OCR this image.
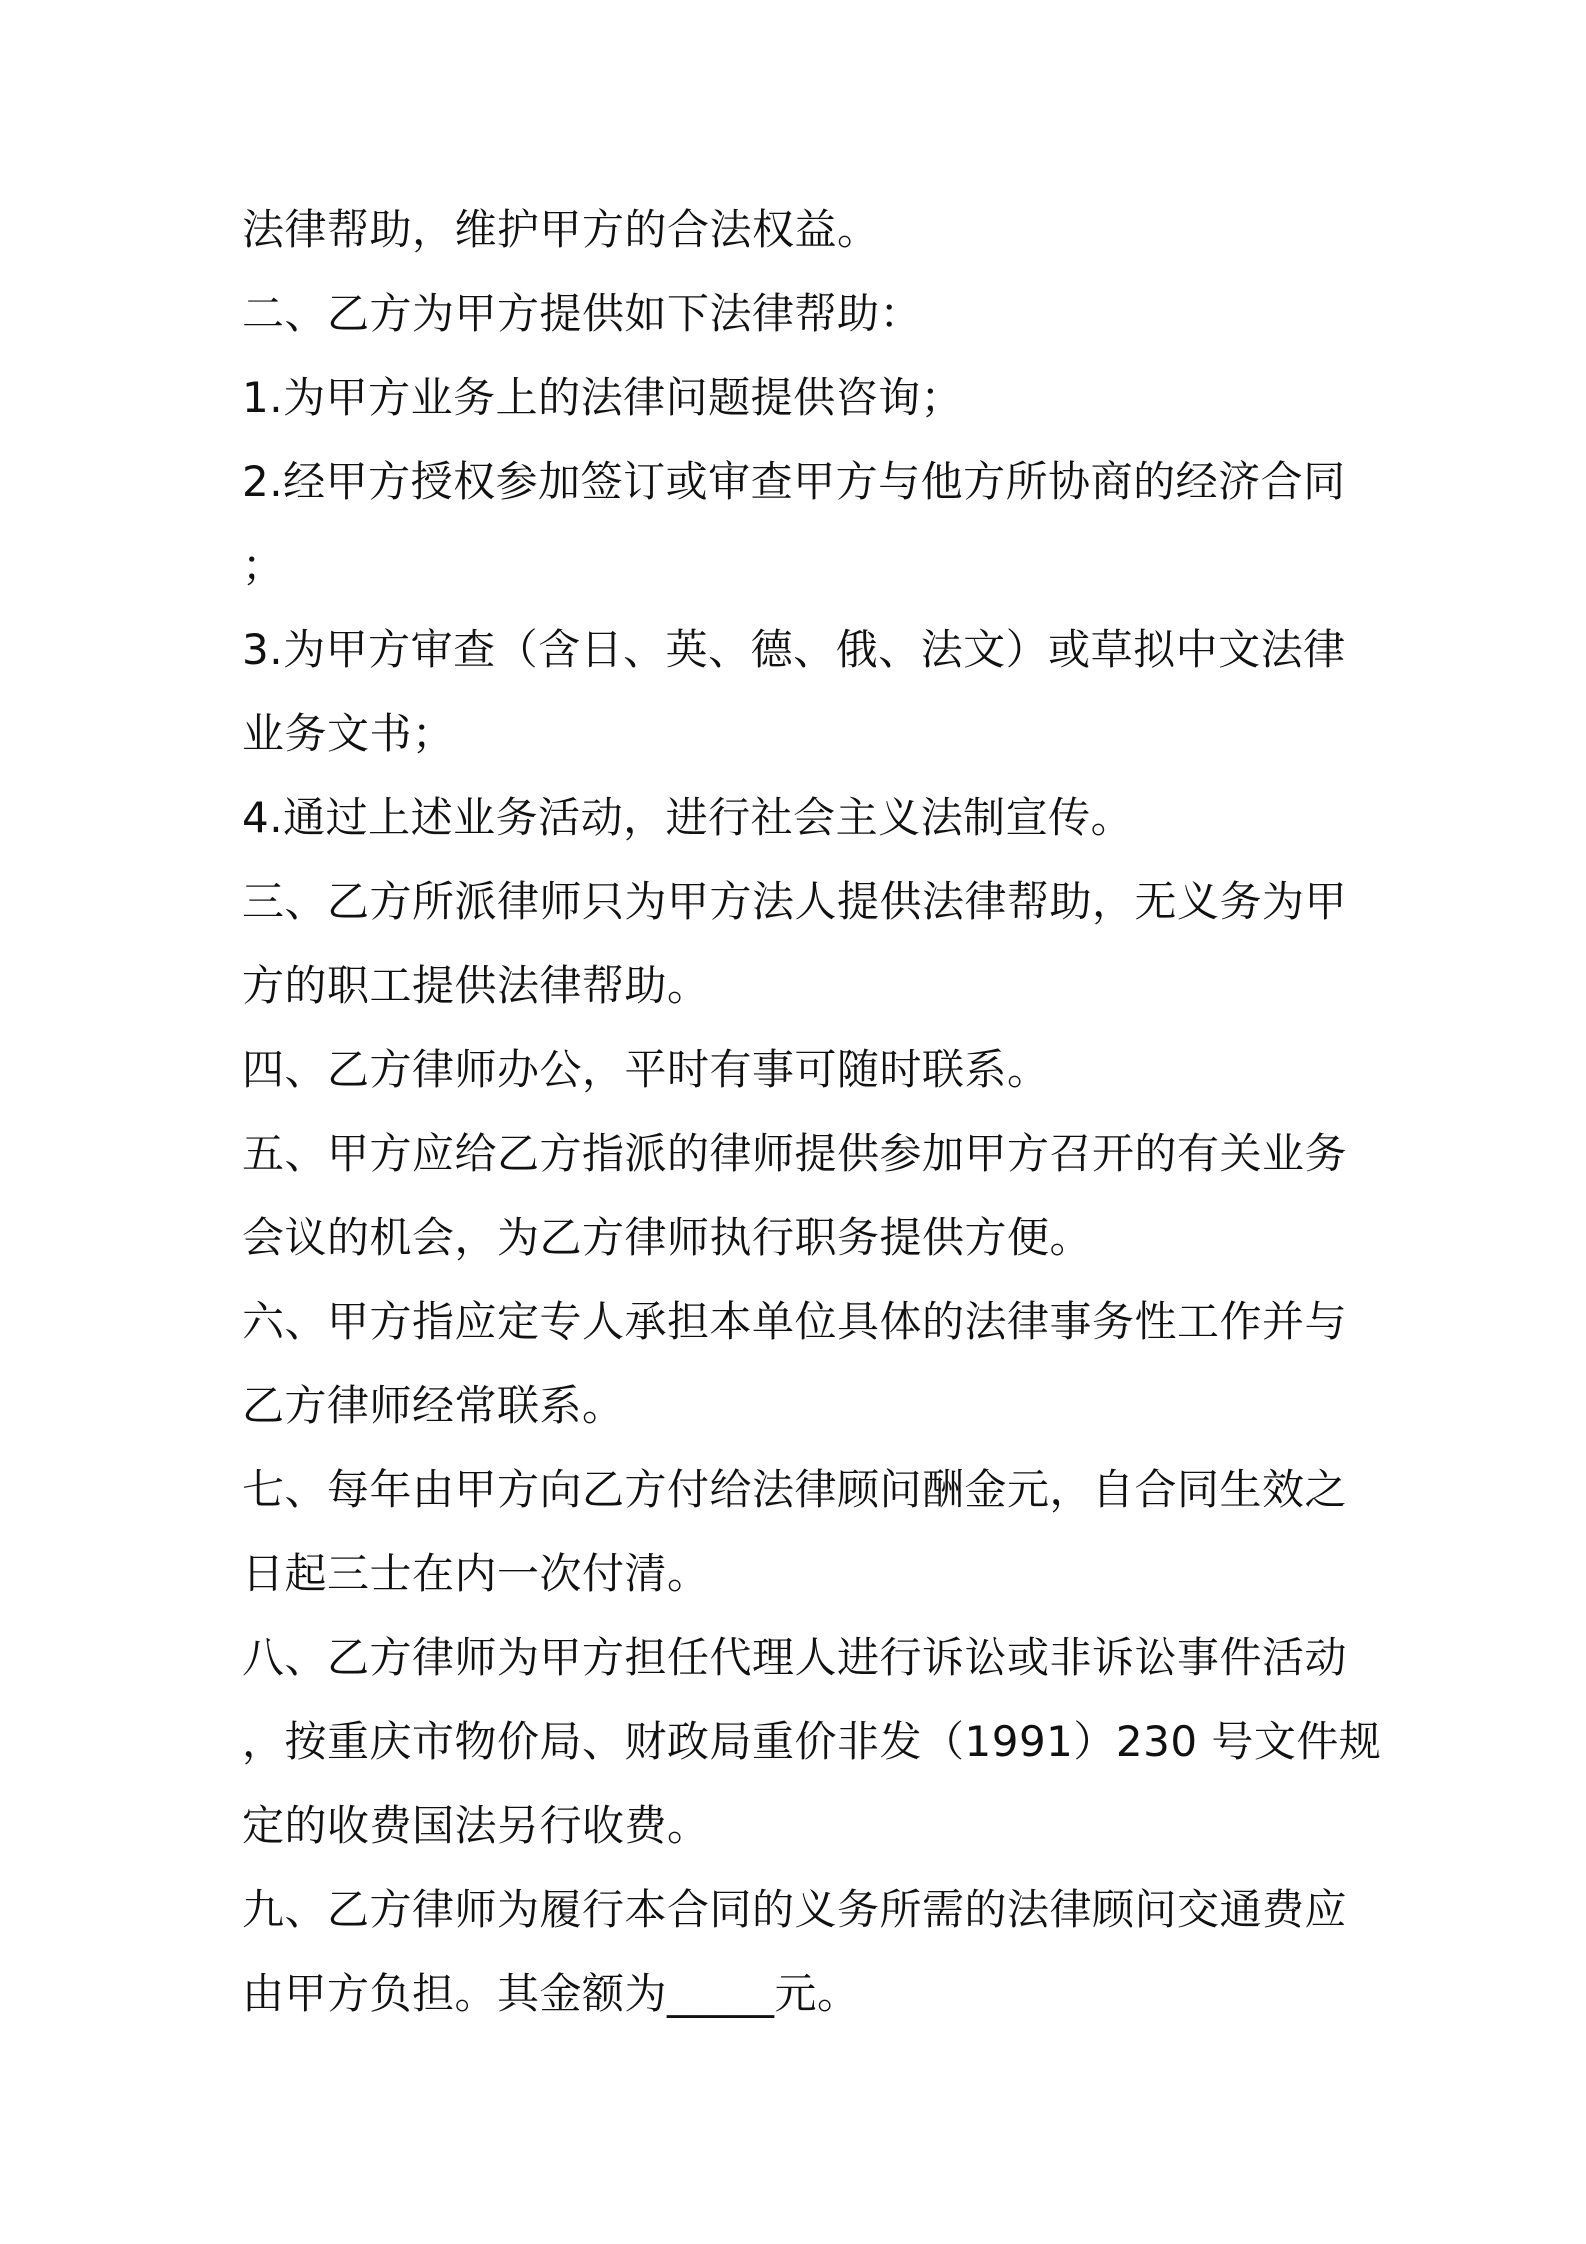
法律帮助，维护甲方的合法权益。
二、乙方为甲方提供如下法律帮助：
1.为甲方业务上的法律问题提供咨询；
2.经甲方授权参加签订或审查甲方与他方所协商的经济合同
；
3.为甲方审查（含日、英、德、俄、法文）或草拟中文法律
业务文书；
4.通过上述业务活动，进行社会主义法制宣传。
三、乙方所派律师只为甲方法人提供法律帮助，无义务为甲
方的职工提供法律帮助。
四、乙方律师办公，平时有事可随时联系。
五、甲方应给乙方指派的律师提供参加甲方召开的有关业务
会议的机会，为乙方律师执行职务提供方便。
六、甲方指应定专人承担本单位具体的法律事务性工作并与
乙方律师经常联系。
七、每年由甲方向乙方付给法律顾问酬金元，自合同生效之
日起三士在内一次付清。
八、乙方律师为甲方担任代理人进行诉讼或非诉讼事件活动
，按重庆市物价局、财政局重价非发（1991）230 号文件规
定的收费国法另行收费。
九、乙方律师为履行本合同的义务所需的法律顾问交通费应
由甲方负担。其金额为_____元。
